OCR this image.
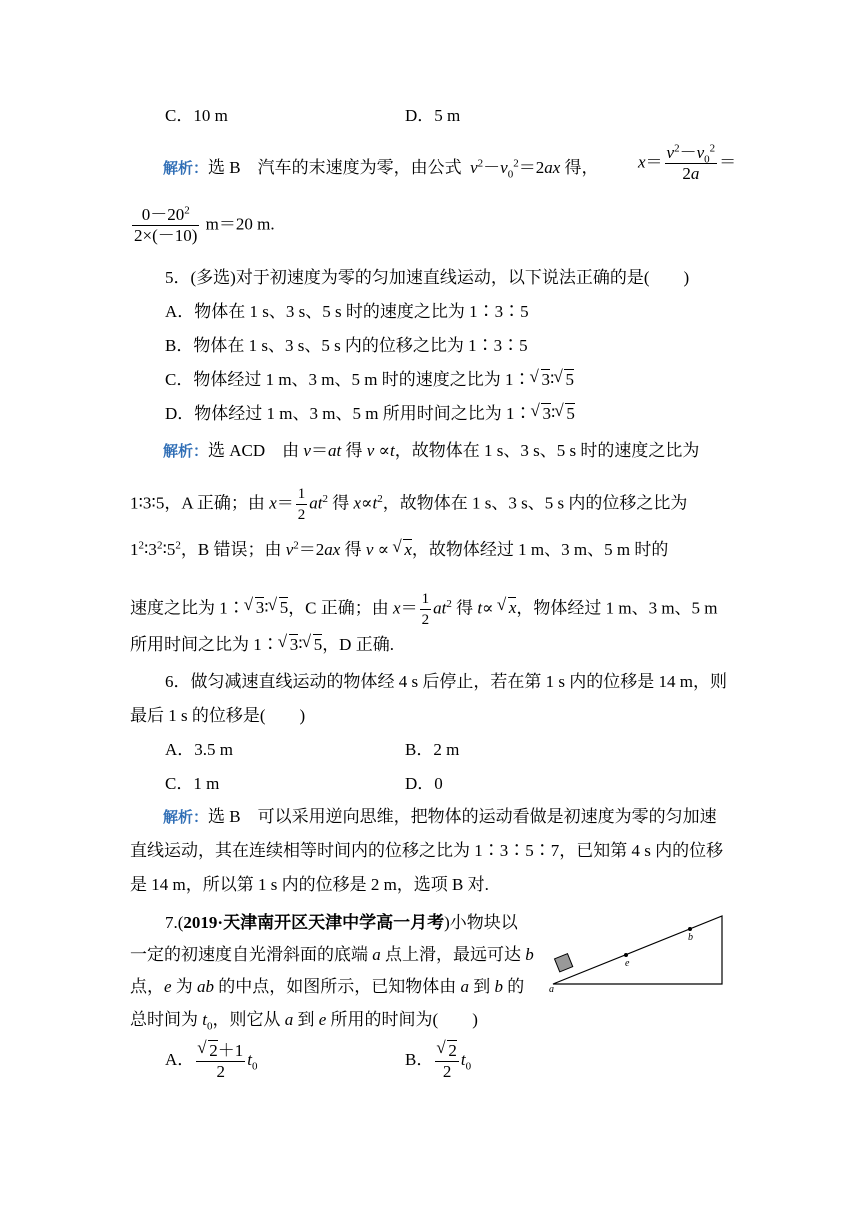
C．10 m	D．5 m
解析：选 B　汽车的末速度为零，由公式 $v^2-v_0^2=2ax$ 得， $x= \frac{v^2-v_0^2}{2a}$ ＝
$\frac{0-20^2}{2\times(-10)} m=20$ m.
5．(多选)对于初速度为零的匀加速直线运动，以下说法正确的是(　　)
A．物体在 1 s、3 s、5 s 时的速度之比为 1∶3∶5
B．物体在 1 s、3 s、5 s 内的位移之比为 1∶3∶5
C．物体经过 1 m、3 m、5 m 时的速度之比为 1∶ √ 3∶ √ 5
D．物体经过 1 m、3 m、5 m 所用时间之比为 1∶ √ 3∶ √ 5
解析：选 ACD　由 v＝at 得 v ∝t，故物体在 1 s、3 s、5 s 时的速度之比为
1∶3∶5，A 正确；由 $x= \frac{1}{2} at^2$ 得 $x\propto t^2$，故物体在 1 s、3 s、5 s 内的位移之比为
$1^2∶3^2∶5^2$，B 错误；由 $v^2=2ax$ 得 v ∝ √ x，故物体经过 1 m、3 m、5 m 时的
速度之比为 1∶ √ 3∶ √ 5，C 正确；由 $x= \frac{1}{2} at^2$ 得 t∝ √ x，物体经过 1 m、3 m、5 m
所用时间之比为 1∶ √ 3∶ √ 5，D 正确.
6．做匀减速直线运动的物体经 4 s 后停止，若在第 1 s 内的位移是 14 m，则
最后 1 s 的位移是(　　)
A．3.5 m	B．2 m
C．1 m	D．0
解析：选 B　可以采用逆向思维，把物体的运动看做是初速度为零的匀加速
直线运动，其在连续相等时间内的位移之比为 1∶3∶5∶7，已知第 4 s 内的位移
是 14 m，所以第 1 s 内的位移是 2 m，选项 B 对.
7.(2019·天津南开区天津中学高一月考)小物块以
一定的初速度自光滑斜面的底端 a 点上滑，最远可达 b
点，e 为 ab 的中点，如图所示，已知物体由 a 到 b 的
总时间为 $t_0$，则它从 a 到 e 所用的时间为(　　)
A． √ $\frac{2+1}{2} t_0$	B． √ $\frac{2}{2} t_0$
a
e
b
